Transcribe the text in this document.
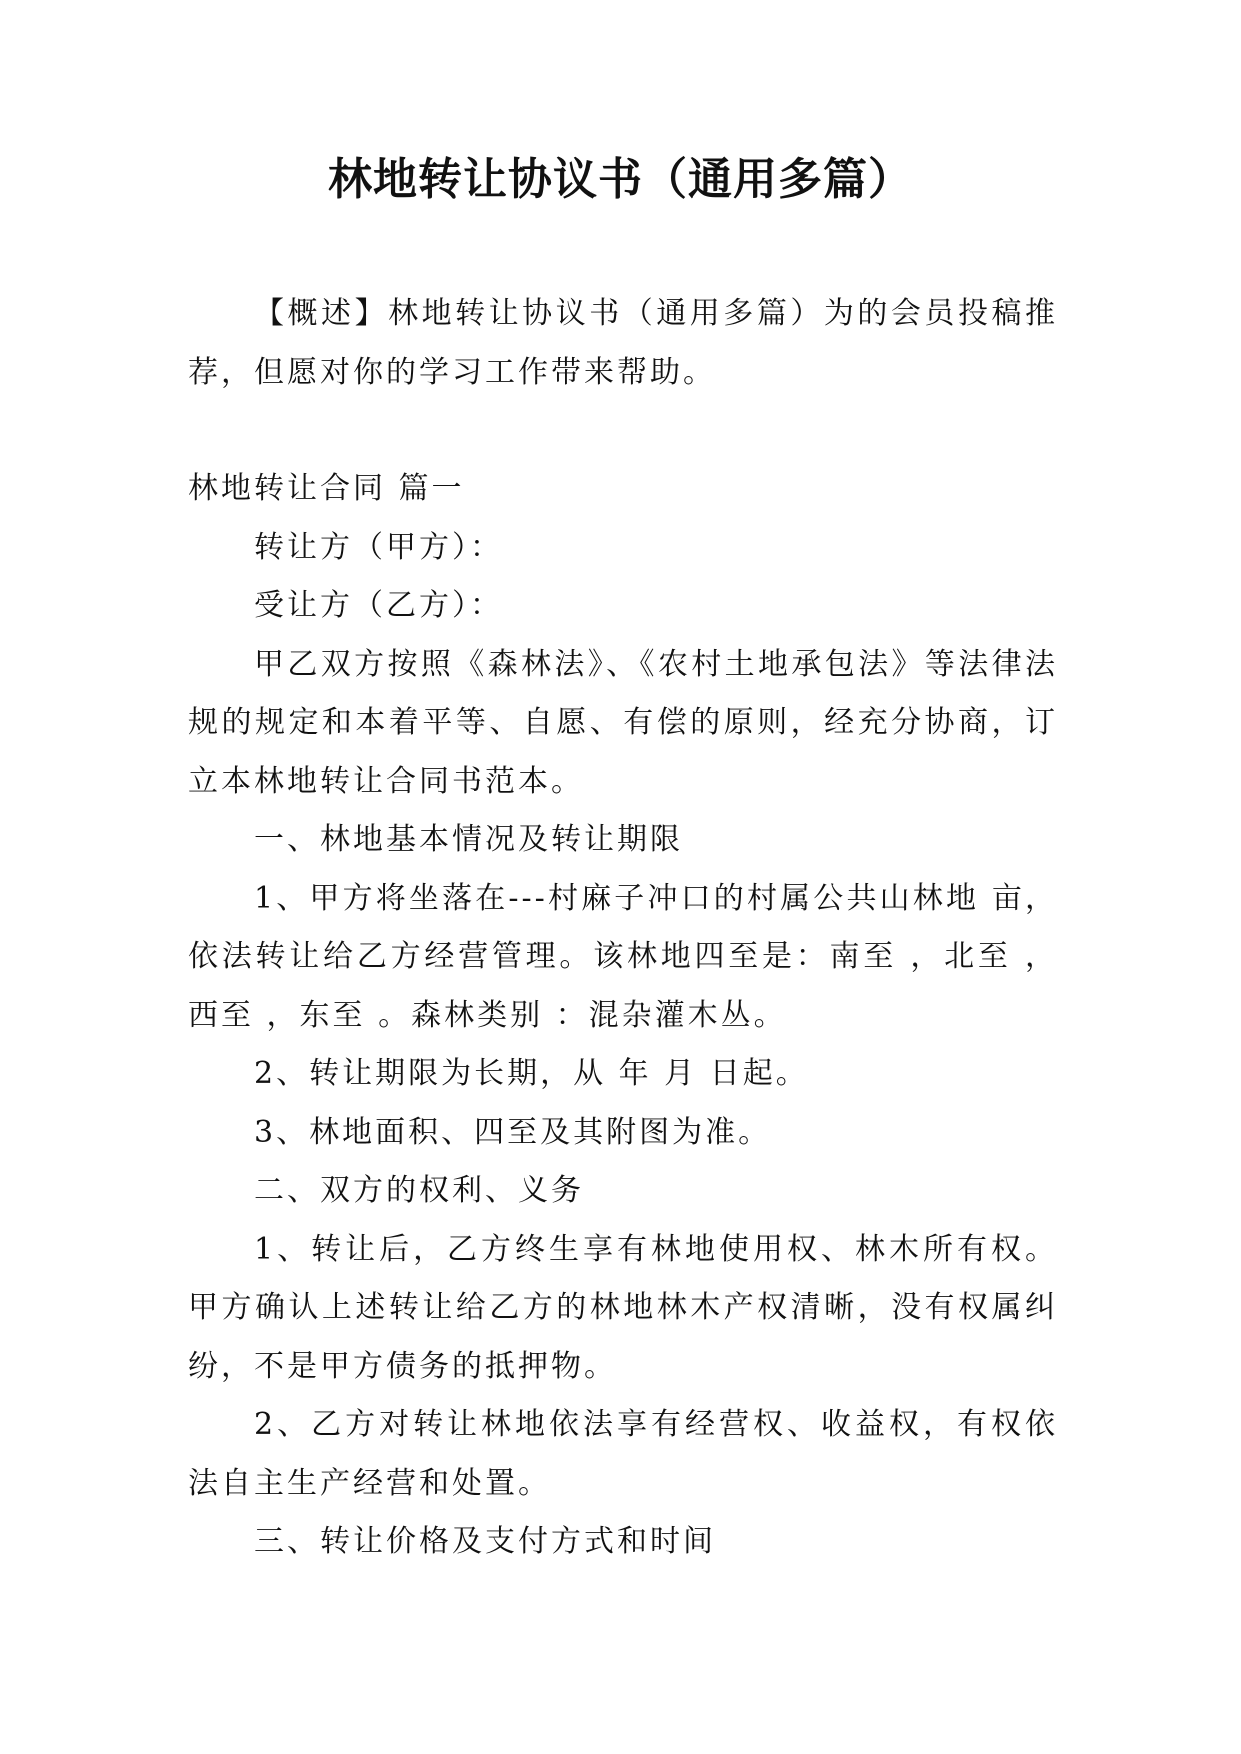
林地转让协议书（通用多篇）

【概述】林地转让协议书（通用多篇）为的会员投稿推荐，但愿对你的学习工作带来帮助。

林地转让合同 篇一

转让方（甲方）：

受让方（乙方）：

甲乙双方按照《森林法》、《农村土地承包法》等法律法规的规定和本着平等、自愿、有偿的原则，经充分协商，订立本林地转让合同书范本。

一、林地基本情况及转让期限

1、甲方将坐落在---村麻子冲口的村属公共山林地 亩，依法转让给乙方经营管理。该林地四至是：南至 ，北至 ，西至 ，东至 。森林类别 ：混杂灌木丛。

2、转让期限为长期，从 年 月 日起。

3、林地面积、四至及其附图为准。

二、双方的权利、义务

1、转让后，乙方终生享有林地使用权、林木所有权。甲方确认上述转让给乙方的林地林木产权清晰，没有权属纠纷，不是甲方债务的抵押物。

2、乙方对转让林地依法享有经营权、收益权，有权依法自主生产经营和处置。

三、转让价格及支付方式和时间
